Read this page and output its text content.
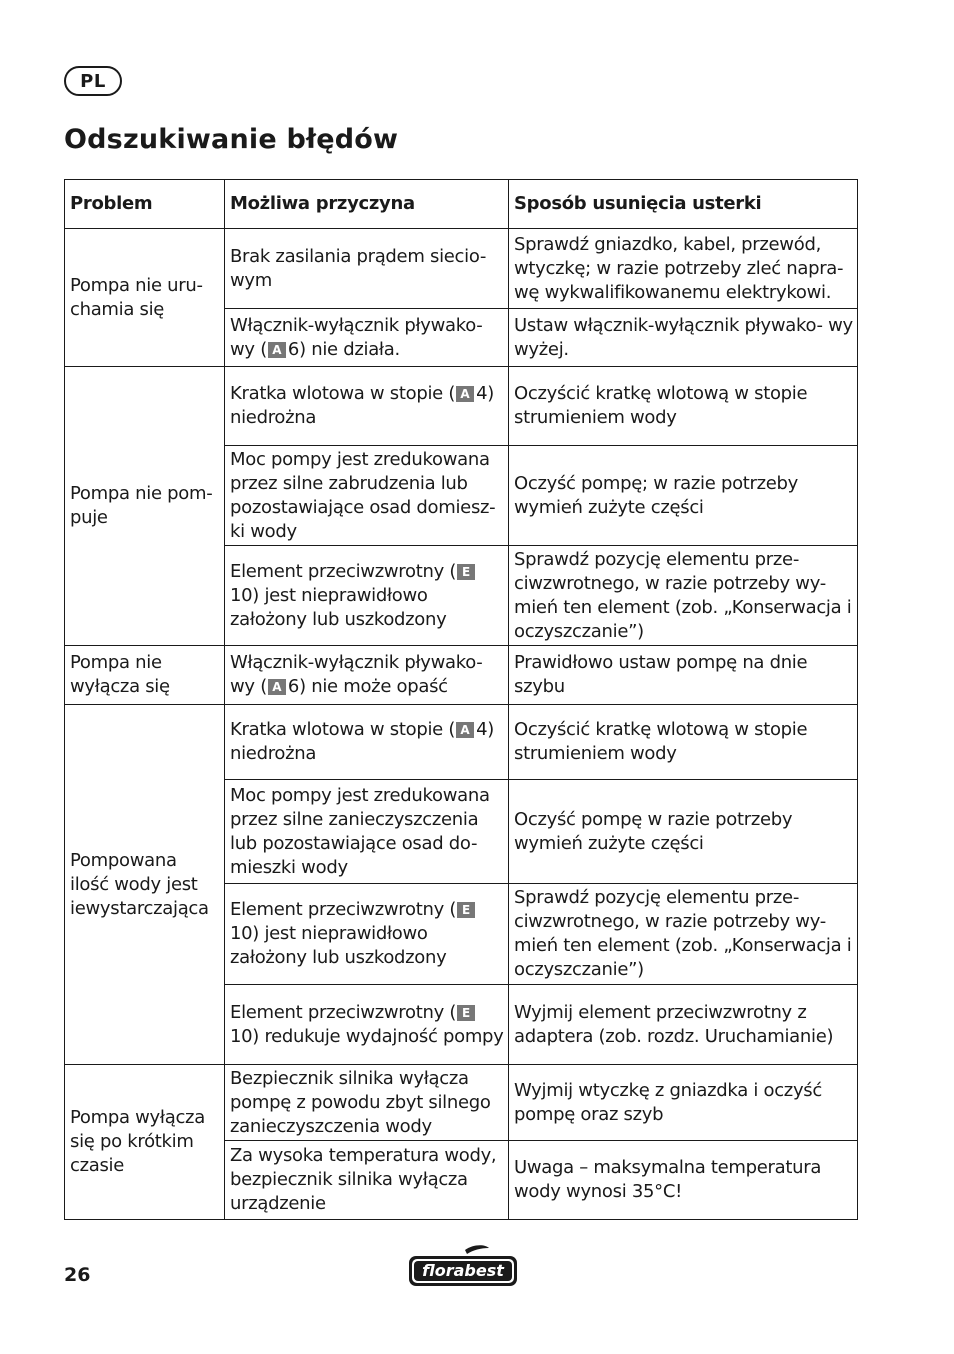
PL
Odszukiwanie błędów
Problem	Możliwa przyczyna	Sposób usunięcia usterki
Pompa nie uru- chamia się	Brak zasilania prądem siecio- wym	Sprawdź gniazdko, kabel, przewód, wtyczkę; w razie potrzeby zleć napra- wę wykwalifikowanemu elektrykowi.
	Włącznik-wyłącznik pływako- wy ( A 6) nie działa.	Ustaw włącznik-wyłącznik pływako- wy wyżej.
Pompa nie pom- puje	Kratka wlotowa w stopie ( A 4) niedrożna	Oczyścić kratkę wlotową w stopie strumieniem wody
	Moc pompy jest zredukowana przez silne zabrudzenia lub pozostawiające osad domiesz- ki wody	Oczyść pompę; w razie potrzeby wymień zużyte części
	Element przeciwzwrotny ( E10) jest nieprawidłowo założony lub uszkodzony	Sprawdź pozycję elementu prze- ciwzwrotnego, w razie potrzeby wy- mień ten element (zob. „Konserwacja i oczyszczanie”)
Pompa nie wyłącza się	Włącznik-wyłącznik pływako- wy ( A 6) nie może opaść	Prawidłowo ustaw pompę na dnie szybu
Pompowana ilość wody jest iewystarczająca	Kratka wlotowa w stopie ( A 4) niedrożna	Oczyścić kratkę wlotową w stopie strumieniem wody
	Moc pompy jest zredukowana przez silne zanieczyszczenia lub pozostawiające osad do- mieszki wody	Oczyść pompę w razie potrzeby wymień zużyte części
	Element przeciwzwrotny ( E10) jest nieprawidłowo założony lub uszkodzony	Sprawdź pozycję elementu prze- ciwzwrotnego, w razie potrzeby wy- mień ten element (zob. „Konserwacja i oczyszczanie”)
	Element przeciwzwrotny ( E10) redukuje wydajność pompy	Wyjmij element przeciwzwrotny z adaptera (zob. rozdz. Uruchamianie)
Pompa wyłącza się po krótkim czasie	Bezpiecznik silnika wyłącza pompę z powodu zbyt silnego zanieczyszczenia wody	Wyjmij wtyczkę z gniazdka i oczyść pompę oraz szyb
	Za wysoka temperatura wody, bezpiecznik silnika wyłącza urządzenie	Uwaga – maksymalna temperatura wody wynosi 35°C!
26	florabest
